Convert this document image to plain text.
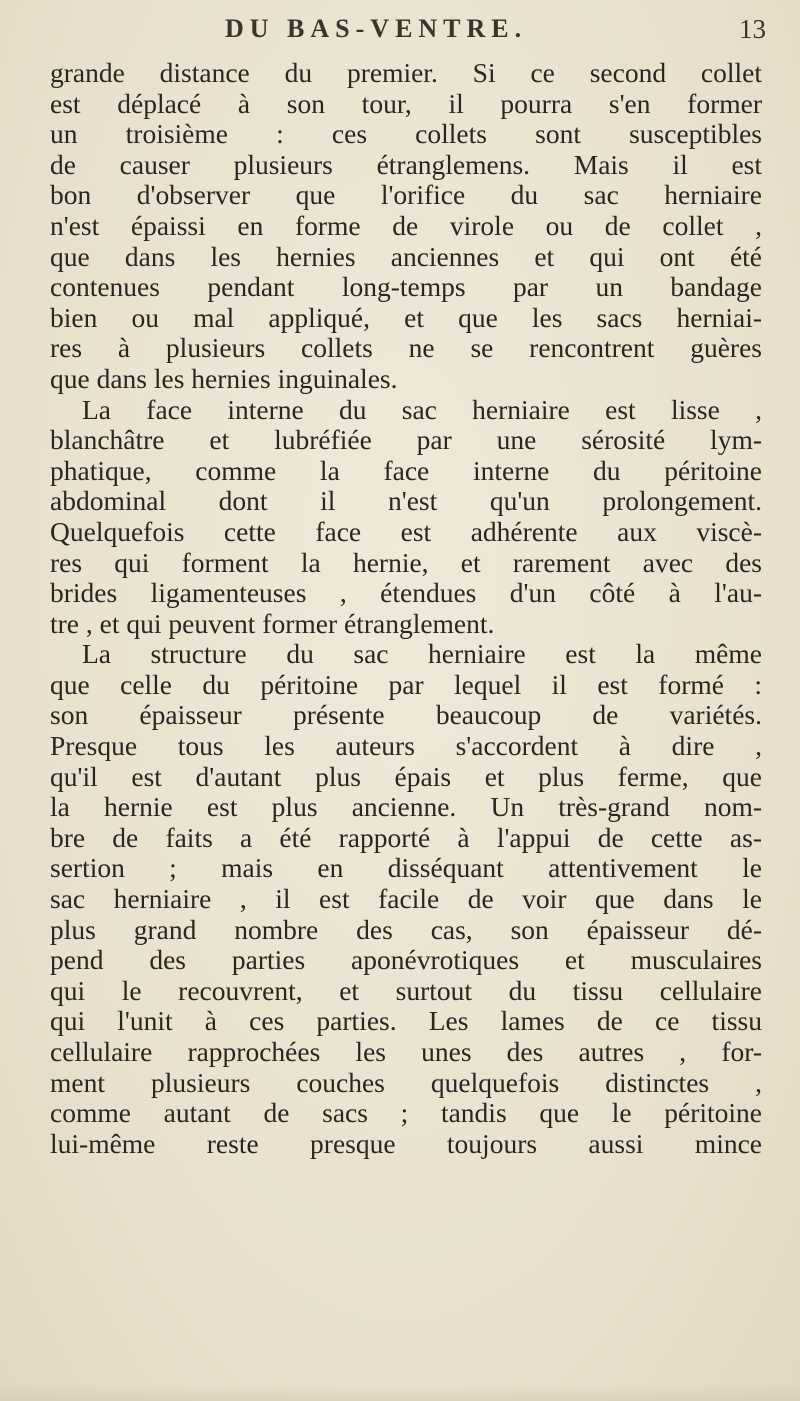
DU BAS-VENTRE.	13
grande distance du premier. Si ce second collet
est déplacé à son tour, il pourra s'en former
un troisième : ces collets sont susceptibles
de causer plusieurs étranglemens. Mais il est
bon d'observer que l'orifice du sac herniaire
n'est épaissi en forme de virole ou de collet ,
que dans les hernies anciennes et qui ont été
contenues pendant long-temps par un bandage
bien ou mal appliqué, et que les sacs herniai-
res à plusieurs collets ne se rencontrent guères
que dans les hernies inguinales.
La face interne du sac herniaire est lisse ,
blanchâtre et lubréfiée par une sérosité lym-
phatique, comme la face interne du péritoine
abdominal dont il n'est qu'un prolongement.
Quelquefois cette face est adhérente aux viscè-
res qui forment la hernie, et rarement avec des
brides ligamenteuses , étendues d'un côté à l'au-
tre , et qui peuvent former étranglement.
La structure du sac herniaire est la même
que celle du péritoine par lequel il est formé :
son épaisseur présente beaucoup de variétés.
Presque tous les auteurs s'accordent à dire ,
qu'il est d'autant plus épais et plus ferme, que
la hernie est plus ancienne. Un très-grand nom-
bre de faits a été rapporté à l'appui de cette as-
sertion ; mais en disséquant attentivement le
sac herniaire , il est facile de voir que dans le
plus grand nombre des cas, son épaisseur dé-
pend des parties aponévrotiques et musculaires
qui le recouvrent, et surtout du tissu cellulaire
qui l'unit à ces parties. Les lames de ce tissu
cellulaire rapprochées les unes des autres , for-
ment plusieurs couches quelquefois distinctes ,
comme autant de sacs ; tandis que le péritoine
lui-même reste presque toujours aussi mince
